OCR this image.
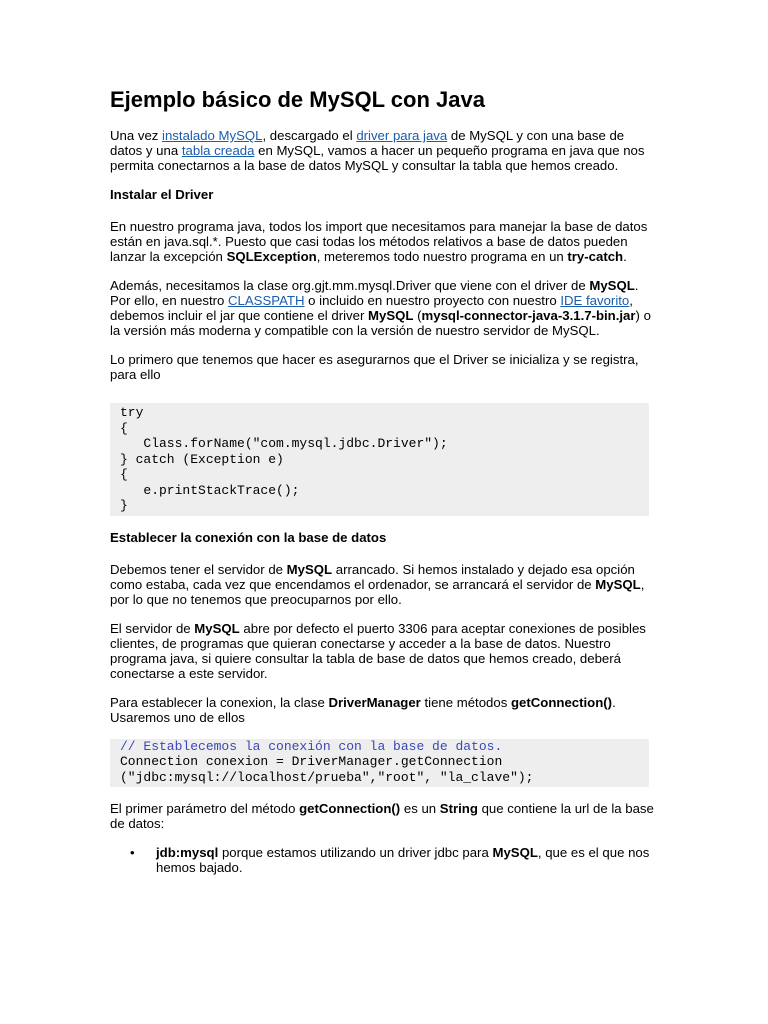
Ejemplo básico de MySQL con Java

Una vez instalado MySQL, descargado el driver para java de MySQL y con una base de datos y una tabla creada en MySQL, vamos a hacer un pequeño programa en java que nos permita conectarnos a la base de datos MySQL y consultar la tabla que hemos creado.

Instalar el Driver

En nuestro programa java, todos los import que necesitamos para manejar la base de datos están en java.sql.*. Puesto que casi todas los métodos relativos a base de datos pueden lanzar la excepción SQLException, meteremos todo nuestro programa en un try-catch.

Además, necesitamos la clase org.gjt.mm.mysql.Driver que viene con el driver de MySQL. Por ello, en nuestro CLASSPATH o incluido en nuestro proyecto con nuestro IDE favorito, debemos incluir el jar que contiene el driver MySQL (mysql-connector-java-3.1.7-bin.jar) o la versión más moderna y compatible con la versión de nuestro servidor de MySQL.

Lo primero que tenemos que hacer es asegurarnos que el Driver se inicializa y se registra, para ello

try
{
Class.forName("com.mysql.jdbc.Driver");
} catch (Exception e)
{
e.printStackTrace();
}
Establecer la conexión con la base de datos

Debemos tener el servidor de MySQL arrancado. Si hemos instalado y dejado esa opción como estaba, cada vez que encendamos el ordenador, se arrancará el servidor de MySQL, por lo que no tenemos que preocuparnos por ello.

El servidor de MySQL abre por defecto el puerto 3306 para aceptar conexiones de posibles clientes, de programas que quieran conectarse y acceder a la base de datos. Nuestro programa java, si quiere consultar la tabla de base de datos que hemos creado, deberá conectarse a este servidor.

Para establecer la conexion, la clase DriverManager tiene métodos getConnection(). Usaremos uno de ellos

// Establecemos la conexión con la base de datos.
Connection conexion = DriverManager.getConnection
("jdbc:mysql://localhost/prueba","root", "la_clave");

El primer parámetro del método getConnection() es un String que contiene la url de la base de datos:

• jdb:mysql porque estamos utilizando un driver jdbc para MySQL, que es el que nos hemos bajado.
